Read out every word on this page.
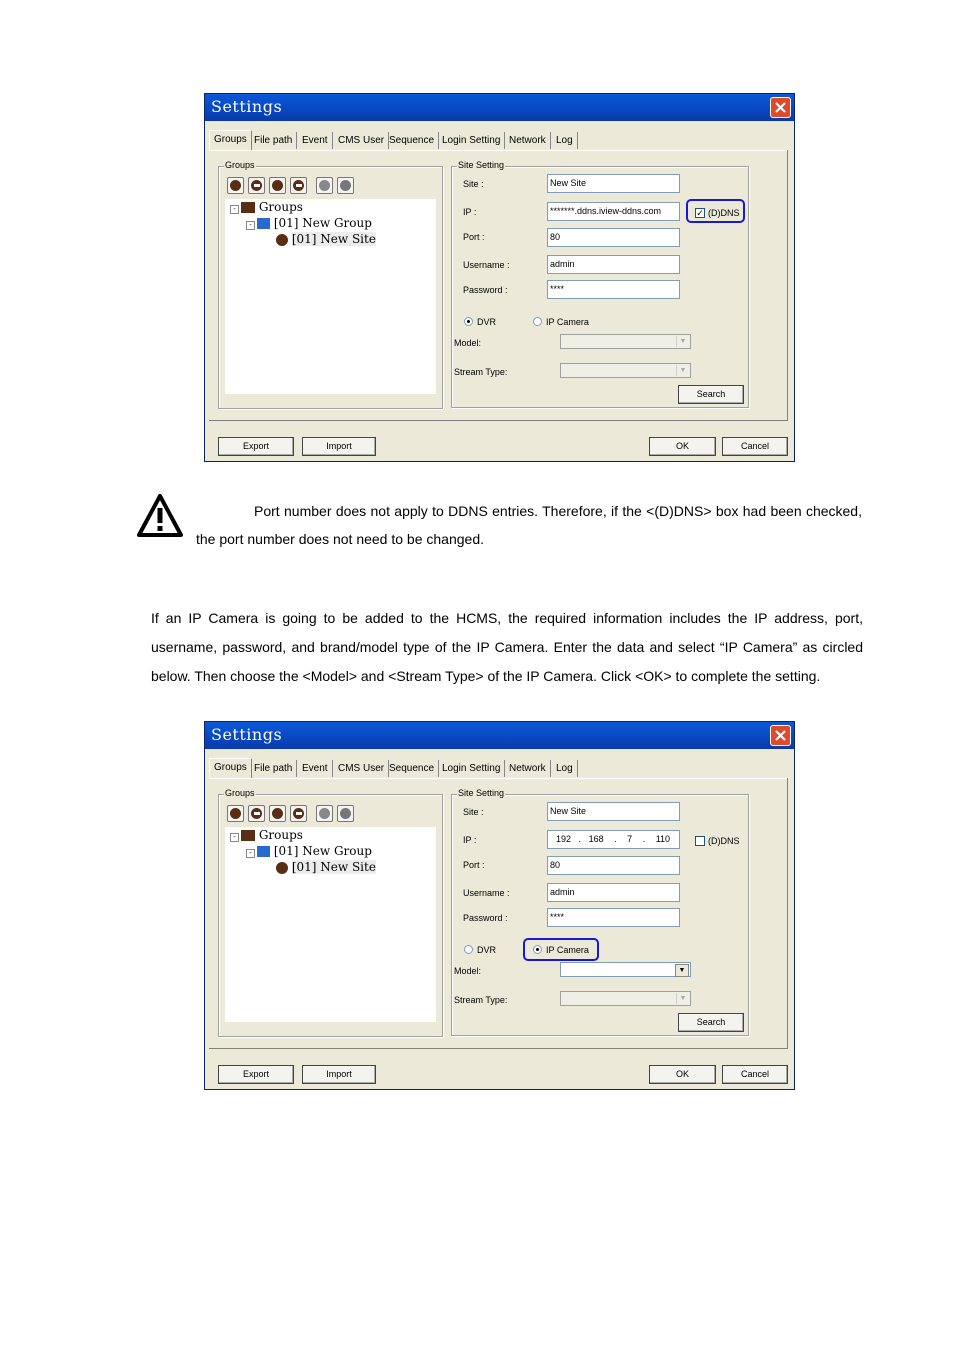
Settings
Groups File path Event	CMS User Sequence Login Setting Network	Log
Groups
-	Groups
-	[01] New Group
[01] New Site
Site Setting
Site :	New Site
IP :	*******.ddns.iview-ddns.com	✓ (D)DNS
Port :	80
Username :	admin
Password :	****
DVR	IP Camera
Model:	▼
Stream Type:	▼
Search
Export	Import	OK	Cancel
Port number does not apply to DDNS entries. Therefore, if the <(D)DNS> box had been checked, the port number does not need to be changed.
If an IP Camera is going to be added to the HCMS, the required information includes the IP address, port, username, password, and brand/model type of the IP Camera. Enter the data and select “IP Camera” as circled below. Then choose the <Model> and <Stream Type> of the IP Camera. Click <OK> to complete the setting.
Settings
Groups File path Event	CMS User Sequence Login Setting Network	Log
Groups
-	Groups
-	[01] New Group
[01] New Site
Site Setting
Site :	New Site
IP :	192 . 168 . 7 . 110	(D)DNS
Port :	80
Username :	admin
Password :	****
DVR	IP Camera
Model:	▼
Stream Type:	▼
Search
Export	Import	OK	Cancel
